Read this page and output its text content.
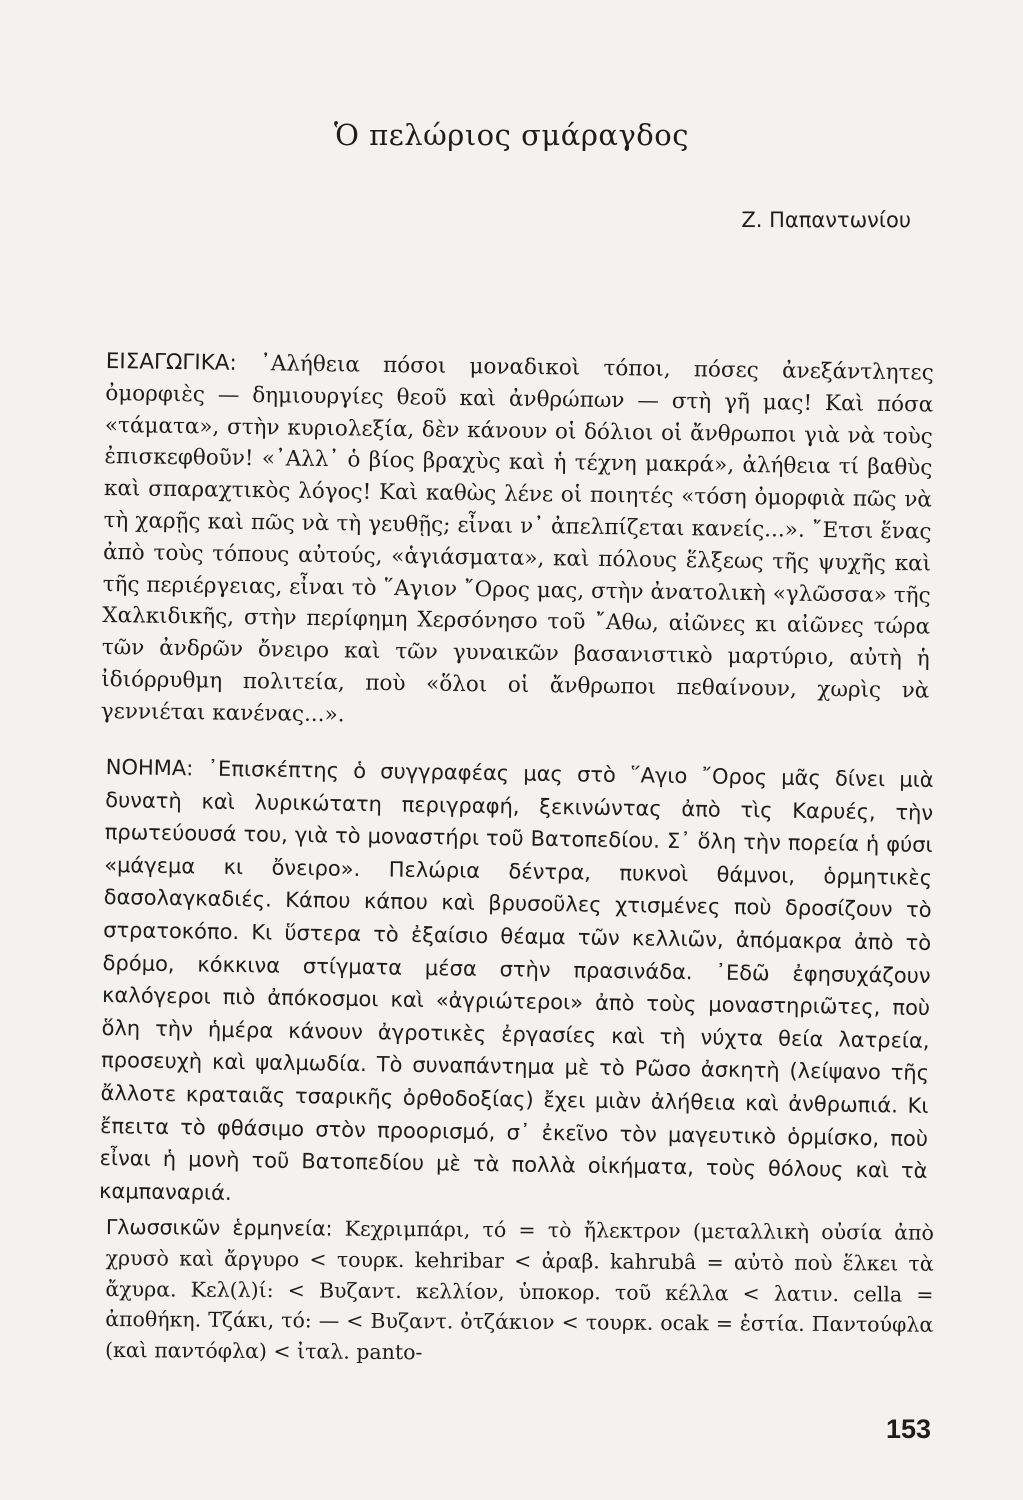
Ὁ πελώριος σμάραγδος
Ζ. Παπαντωνίου

ΕΙΣΑΓΩΓΙΚΑ: ᾿Αλήθεια πόσοι μοναδικοὶ τόποι, πόσες ἀνεξάντλητες ὀμορφιὲς — δημιουργίες θεοῦ καὶ ἀνθρώπων — στὴ γῆ μας! Καὶ πόσα «τάματα», στὴν κυριολεξία, δὲν κάνουν οἱ δόλιοι οἱ ἄνθρωποι γιὰ νὰ τοὺς ἐπισκεφθοῦν! «᾿Αλλ᾿ ὁ βίος βραχὺς καὶ ἡ τέχνη μακρά», ἀλήθεια τί βαθὺς καὶ σπαραχτικὸς λόγος! Καὶ καθὼς λένε οἱ ποιητές «τόση ὀμορφιὰ πῶς νὰ τὴ χαρῇς καὶ πῶς νὰ τὴ γευθῇς; εἶναι ν᾿ ἀπελπίζεται κανείς...». ῎Ετσι ἕνας ἀπὸ τοὺς τόπους αὐτούς, «ἁγιάσματα», καὶ πόλους ἕλξεως τῆς ψυχῆς καὶ τῆς περιέργειας, εἶναι τὸ ῞Αγιον ῎Ορος μας, στὴν ἀνατολικὴ «γλῶσσα» τῆς Χαλκιδικῆς, στὴν περίφημη Χερσόνησο τοῦ ῎Αθω, αἰῶνες κι αἰῶνες τώρα τῶν ἀνδρῶν ὄνειρο καὶ τῶν γυναικῶν βασανιστικὸ μαρτύριο, αὐτὴ ἡ ἰδιόρρυθμη πολιτεία, ποὺ «ὅλοι οἱ ἄνθρωποι πεθαίνουν, χωρὶς νὰ γεννιέται κανένας...».

ΝΟΗΜΑ: ᾿Επισκέπτης ὁ συγγραφέας μας στὸ ῞Αγιο ῎Ορος μᾶς δίνει μιὰ δυνατὴ καὶ λυρικώτατη περιγραφή, ξεκινώντας ἀπὸ τὶς Καρυές, τὴν πρωτεύουσά του, γιὰ τὸ μοναστήρι τοῦ Βατοπεδίου. Σ᾿ ὅλη τὴν πορεία ἡ φύσι «μάγεμα κι ὄνειρο». Πελώρια δέντρα, πυκνοὶ θάμνοι, ὁρμητικὲς δασολαγκαδιές. Κάπου κάπου καὶ βρυσοῦλες χτισμένες ποὺ δροσίζουν τὸ στρατοκόπο. Κι ὕστερα τὸ ἐξαίσιο θέαμα τῶν κελλιῶν, ἀπόμακρα ἀπὸ τὸ δρόμο, κόκκινα στίγματα μέσα στὴν πρασινάδα. ᾿Εδῶ ἐφησυχάζουν καλόγεροι πιὸ ἀπόκοσμοι καὶ «ἀγριώτεροι» ἀπὸ τοὺς μοναστηριῶτες, ποὺ ὅλη τὴν ἡμέρα κάνουν ἀγροτικὲς ἐργασίες καὶ τὴ νύχτα θεία λατρεία, προσευχὴ καὶ ψαλμωδία. Τὸ συναπάντημα μὲ τὸ Ρῶσο ἀσκητὴ (λείψανο τῆς ἄλλοτε κραταιᾶς τσαρικῆς ὀρθοδοξίας) ἔχει μιὰν ἀλήθεια καὶ ἀνθρωπιά. Κι ἔπειτα τὸ φθάσιμο στὸν προορισμό, σ᾿ ἐκεῖνο τὸν μαγευτικὸ ὁρμίσκο, ποὺ εἶναι ἡ μονὴ τοῦ Βατοπεδίου μὲ τὰ πολλὰ οἰκήματα, τοὺς θόλους καὶ τὰ καμπαναριά.

Γλωσσικῶν ἑρμηνεία: Κεχριμπάρι, τό = τὸ ἤλεκτρον (μεταλλικὴ οὐσία ἀπὸ χρυσὸ καὶ ἄργυρο < τουρκ. kehribar < ἀραβ. kahrubâ = αὐτὸ ποὺ ἕλκει τὰ ἄχυρα. Κελ(λ)ί: < Βυζαντ. κελλίον, ὑποκορ. τοῦ κέλλα < λατιν. cella = ἀποθήκη. Τζάκι, τό: — < Βυζαντ. ὀτζάκιον < τουρκ. ocak = ἑστία. Παντούφλα (καὶ παντόφλα) < ἰταλ. panto-

153
